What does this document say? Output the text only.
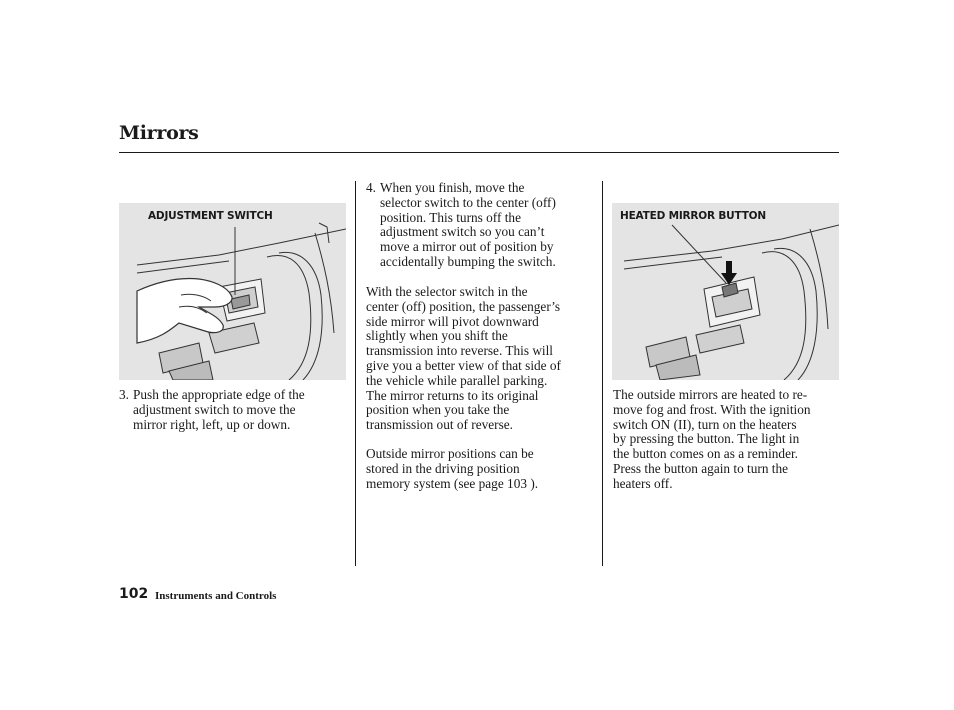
Mirrors
ADJUSTMENT SWITCH	HEATED MIRROR BUTTON
3. Push the appropriate edge of the
adjustment switch to move the
mirror right, left, up or down.
4. When you finish, move the
selector switch to the center (off)
position. This turns off the
adjustment switch so you can’t
move a mirror out of position by
accidentally bumping the switch.
With the selector switch in the
center (off) position, the passenger’s
side mirror will pivot downward
slightly when you shift the
transmission into reverse. This will
give you a better view of that side of
the vehicle while parallel parking.
The mirror returns to its original
position when you take the
transmission out of reverse.
Outside mirror positions can be
stored in the driving position
memory system (see page 103 ).
The outside mirrors are heated to re-
move fog and frost. With the ignition
switch ON (II), turn on the heaters
by pressing the button. The light in
the button comes on as a reminder.
Press the button again to turn the
heaters off.
102 Instruments and Controls
